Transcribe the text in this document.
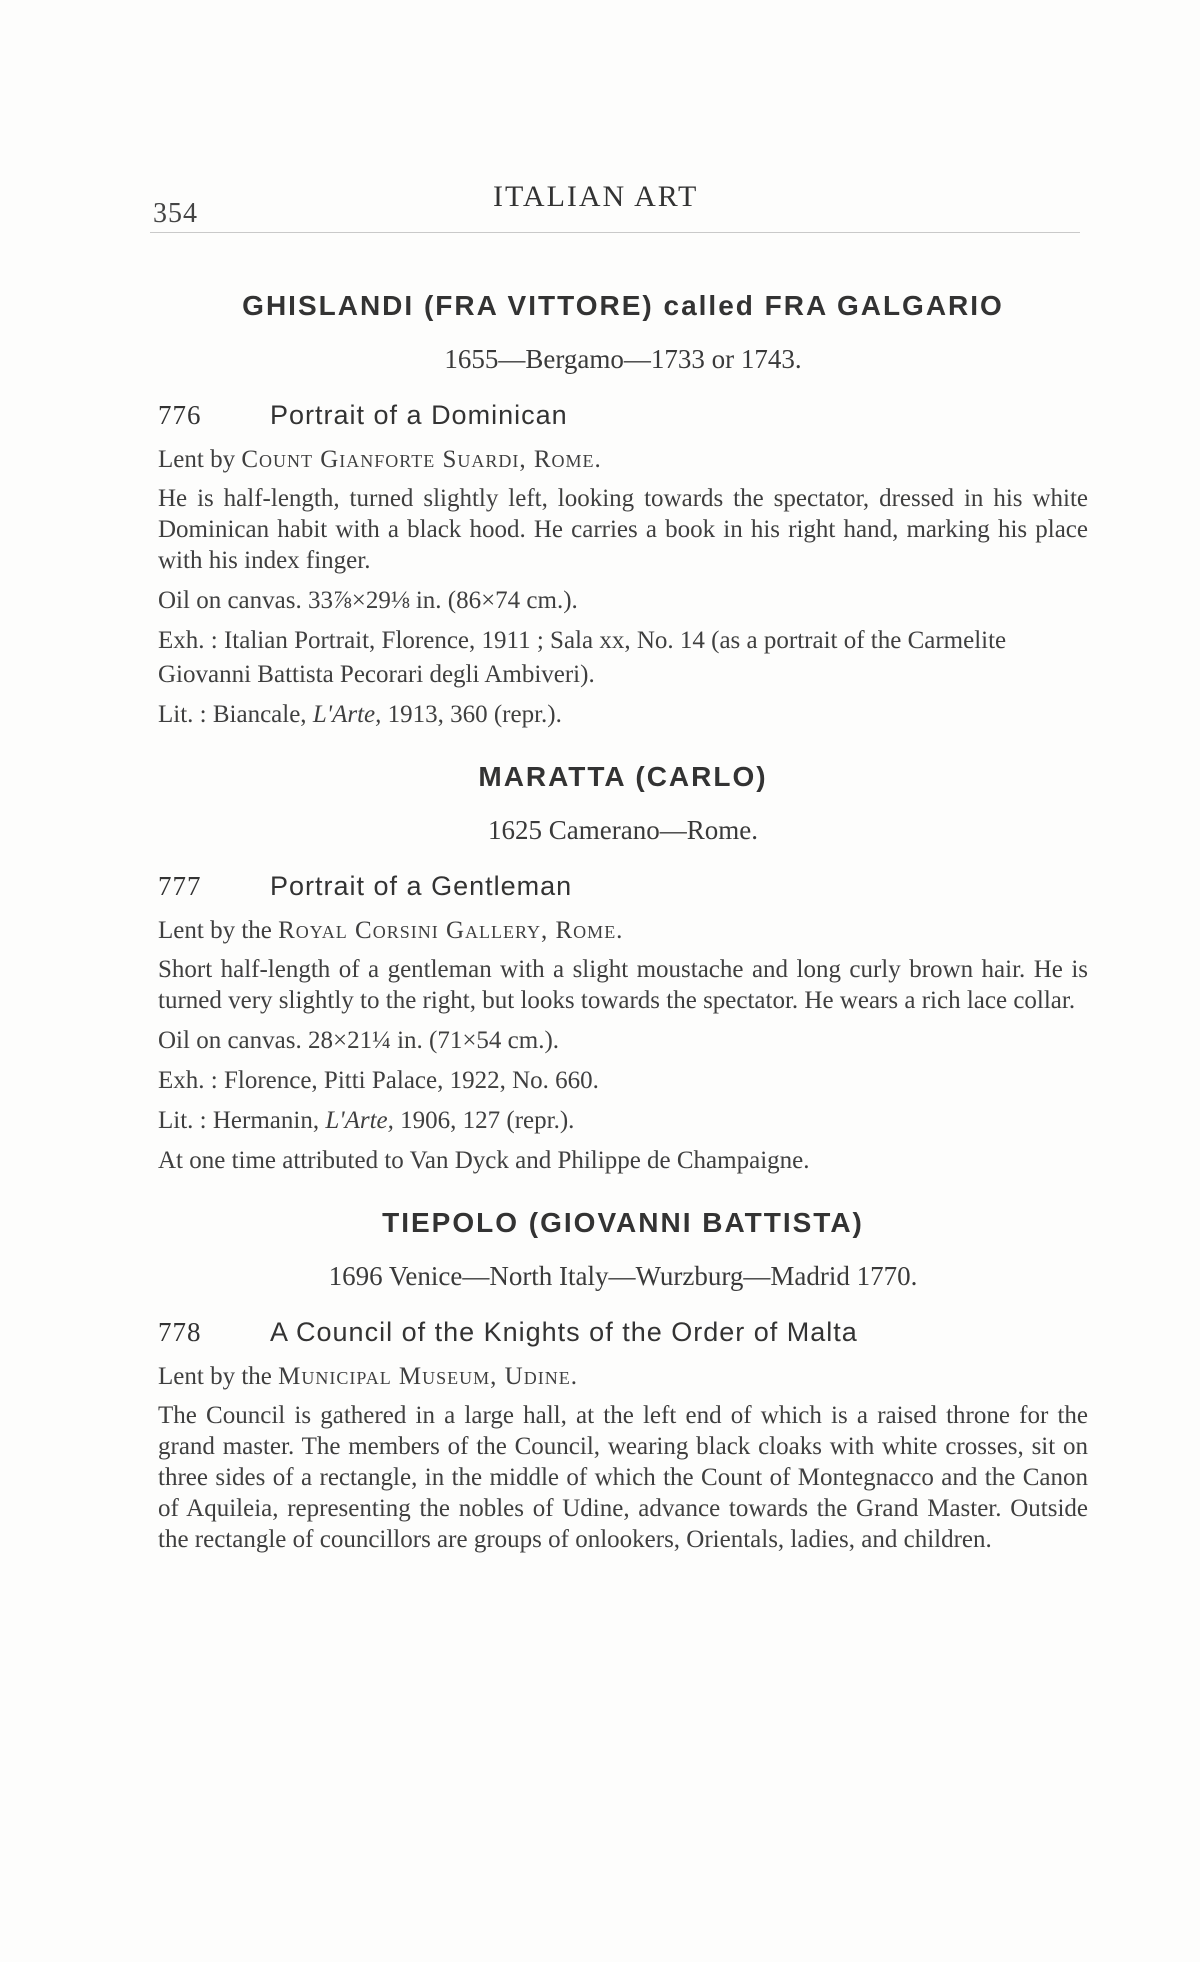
354
ITALIAN ART
GHISLANDI (FRA VITTORE) called FRA GALGARIO

1655—Bergamo—1733 or 1743.

776	Portrait of a Dominican

Lent by Count Gianforte Suardi, Rome.

He is half-length, turned slightly left, looking towards the spectator, dressed in his white Dominican habit with a black hood. He carries a book in his right hand, marking his place with his index finger.

Oil on canvas. 33⅞×29⅛ in. (86×74 cm.).

Exh. : Italian Portrait, Florence, 1911 ; Sala xx, No. 14 (as a portrait of the Carmelite Giovanni Battista Pecorari degli Ambiveri).

Lit. : Biancale, L'Arte, 1913, 360 (repr.).

MARATTA (CARLO)

1625 Camerano—Rome.

777	Portrait of a Gentleman

Lent by the Royal Corsini Gallery, Rome.

Short half-length of a gentleman with a slight moustache and long curly brown hair. He is turned very slightly to the right, but looks towards the spectator. He wears a rich lace collar.

Oil on canvas. 28×21¼ in. (71×54 cm.).

Exh. : Florence, Pitti Palace, 1922, No. 660.

Lit. : Hermanin, L'Arte, 1906, 127 (repr.).

At one time attributed to Van Dyck and Philippe de Champaigne.

TIEPOLO (GIOVANNI BATTISTA)

1696 Venice—North Italy—Wurzburg—Madrid 1770.

778	A Council of the Knights of the Order of Malta

Lent by the Municipal Museum, Udine.

The Council is gathered in a large hall, at the left end of which is a raised throne for the grand master. The members of the Council, wearing black cloaks with white crosses, sit on three sides of a rectangle, in the middle of which the Count of Montegnacco and the Canon of Aquileia, representing the nobles of Udine, advance towards the Grand Master. Outside the rectangle of councillors are groups of onlookers, Orientals, ladies, and children.
